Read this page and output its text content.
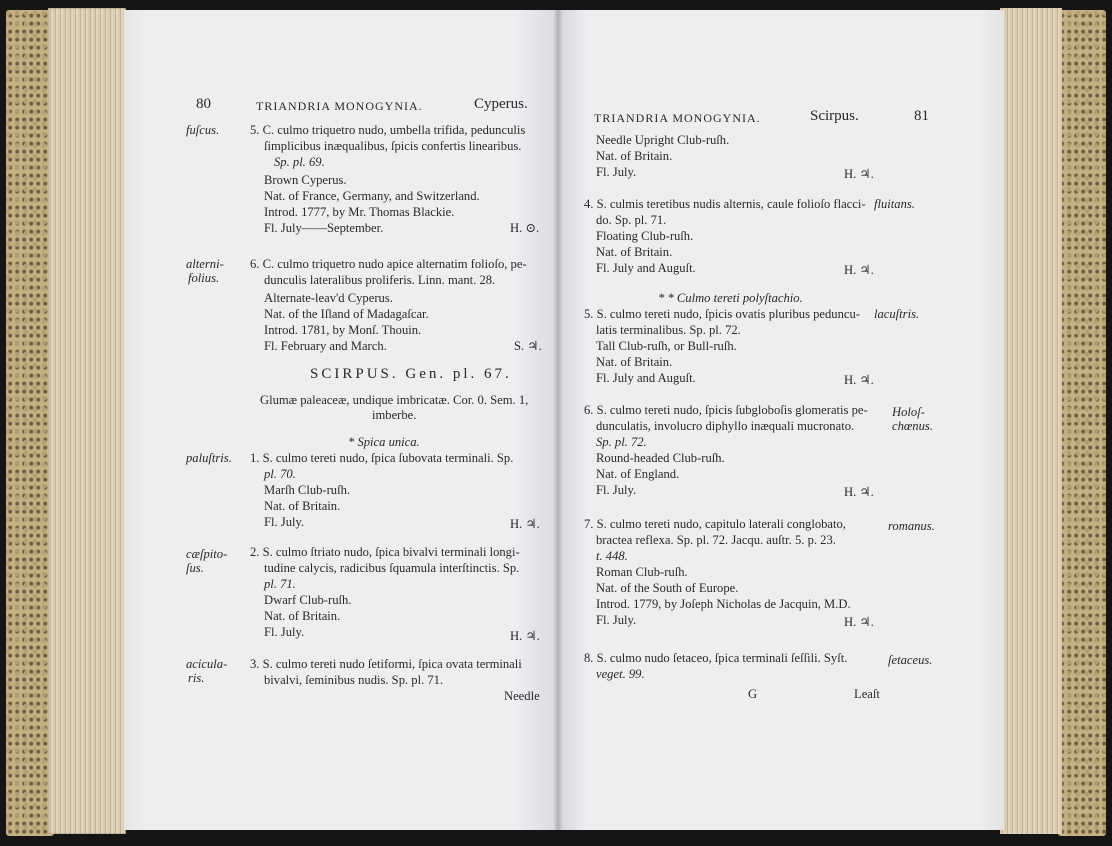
80	TRIANDRIA MONOGYNIA.	Cyperus.
fuſcus. 5. C. culmo triquetro nudo, umbella trifida, pedunculis
ſimplicibus inæqualibus, ſpicis confertis linearibus.
Sp. pl. 69.
Brown Cyperus.
Nat. of France, Germany, and Switzerland.
Introd. 1777, by Mr. Thomas Blackie.
Fl. July——September.	H. ⊙.
alterni-
folius.
6. C. culmo triquetro nudo apice alternatim folioſo, pe-
dunculis lateralibus proliferis. Linn. mant. 28.
Alternate-leav'd Cyperus.
Nat. of the Iſland of Madagaſcar.
Introd. 1781, by Monſ. Thouin.
Fl. February and March.	S. ♃.
SCIRPUS. Gen. pl. 67.
Glumæ paleaceæ, undique imbricatæ. Cor. 0. Sem. 1,
imberbe.
* Spica unica.
paluſtris. 1. S. culmo tereti nudo, ſpica ſubovata terminali. Sp.
pl. 70.
Marſh Club-ruſh.
Nat. of Britain.
Fl. July.	H. ♃.
cæſpito-
ſus.
2. S. culmo ſtriato nudo, ſpica bivalvi terminali longi-
tudine calycis, radicibus ſquamula interſtinctis. Sp.
pl. 71.
Dwarf Club-ruſh.
Nat. of Britain.
Fl. July.	H. ♃.
acicula-
ris.
3. S. culmo tereti nudo ſetiformi, ſpica ovata terminali
bivalvi, ſeminibus nudis. Sp. pl. 71.
Needle
TRIANDRIA MONOGYNIA.	Scirpus.	81
Needle Upright Club-ruſh.
Nat. of Britain.
Fl. July.	H. ♃.
4. S. culmis teretibus nudis alternis, caule folioſo flacci- fluitans.
do. Sp. pl. 71.
Floating Club-ruſh.
Nat. of Britain.
Fl. July and Auguſt.	H. ♃.
* * Culmo tereti polyſtachio.
5. S. culmo tereti nudo, ſpicis ovatis pluribus pedunсu- lacuſtris.
latis terminalibus. Sp. pl. 72.
Tall Club-ruſh, or Bull-ruſh.
Nat. of Britain.
Fl. July and Auguſt.	H. ♃.
6. S. culmo tereti nudo, ſpicis ſubgloboſis glomeratis pe- Holoſ-
chœnus.
dunculatis, involucro diphyllo inæquali mucronato.
Sp. pl. 72.
Round-headed Club-ruſh.
Nat. of England.
Fl. July.	H. ♃.
7. S. culmo tereti nudo, capitulo laterali conglobato,	romanus.
bractea reflexa. Sp. pl. 72. Jacqu. auſtr. 5. p. 23.
t. 448.
Roman Club-ruſh.
Nat. of the South of Europe.
Introd. 1779, by Joſeph Nicholas de Jacquin, M.D.
Fl. July.	H. ♃.
8. S. culmo nudo ſetaceo, ſpica terminali ſeſſili. Syſt.	ſetaceus.
veget. 99.
G	Leaſt
